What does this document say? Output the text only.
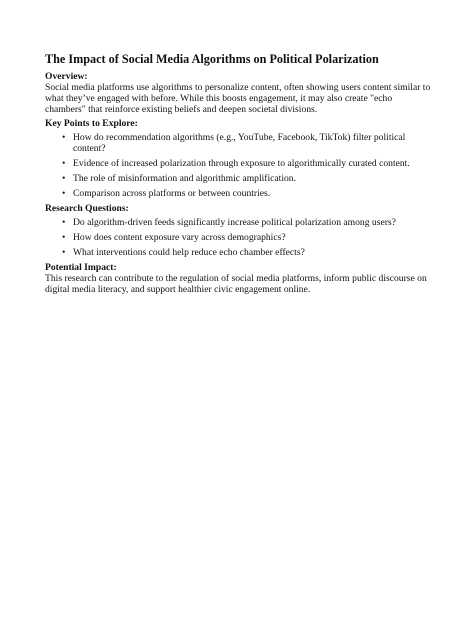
The Impact of Social Media Algorithms on Political Polarization

Overview:

Social media platforms use algorithms to personalize content, often showing users content similar to what they’ve engaged with before. While this boosts engagement, it may also create "echo chambers" that reinforce existing beliefs and deepen societal divisions.

Key Points to Explore:

• How do recommendation algorithms (e.g., YouTube, Facebook, TikTok) filter political content?
• Evidence of increased polarization through exposure to algorithmically curated content.
• The role of misinformation and algorithmic amplification.
• Comparison across platforms or between countries.

Research Questions:

• Do algorithm-driven feeds significantly increase political polarization among users?
• How does content exposure vary across demographics?
• What interventions could help reduce echo chamber effects?

Potential Impact:

This research can contribute to the regulation of social media platforms, inform public discourse on digital media literacy, and support healthier civic engagement online.
